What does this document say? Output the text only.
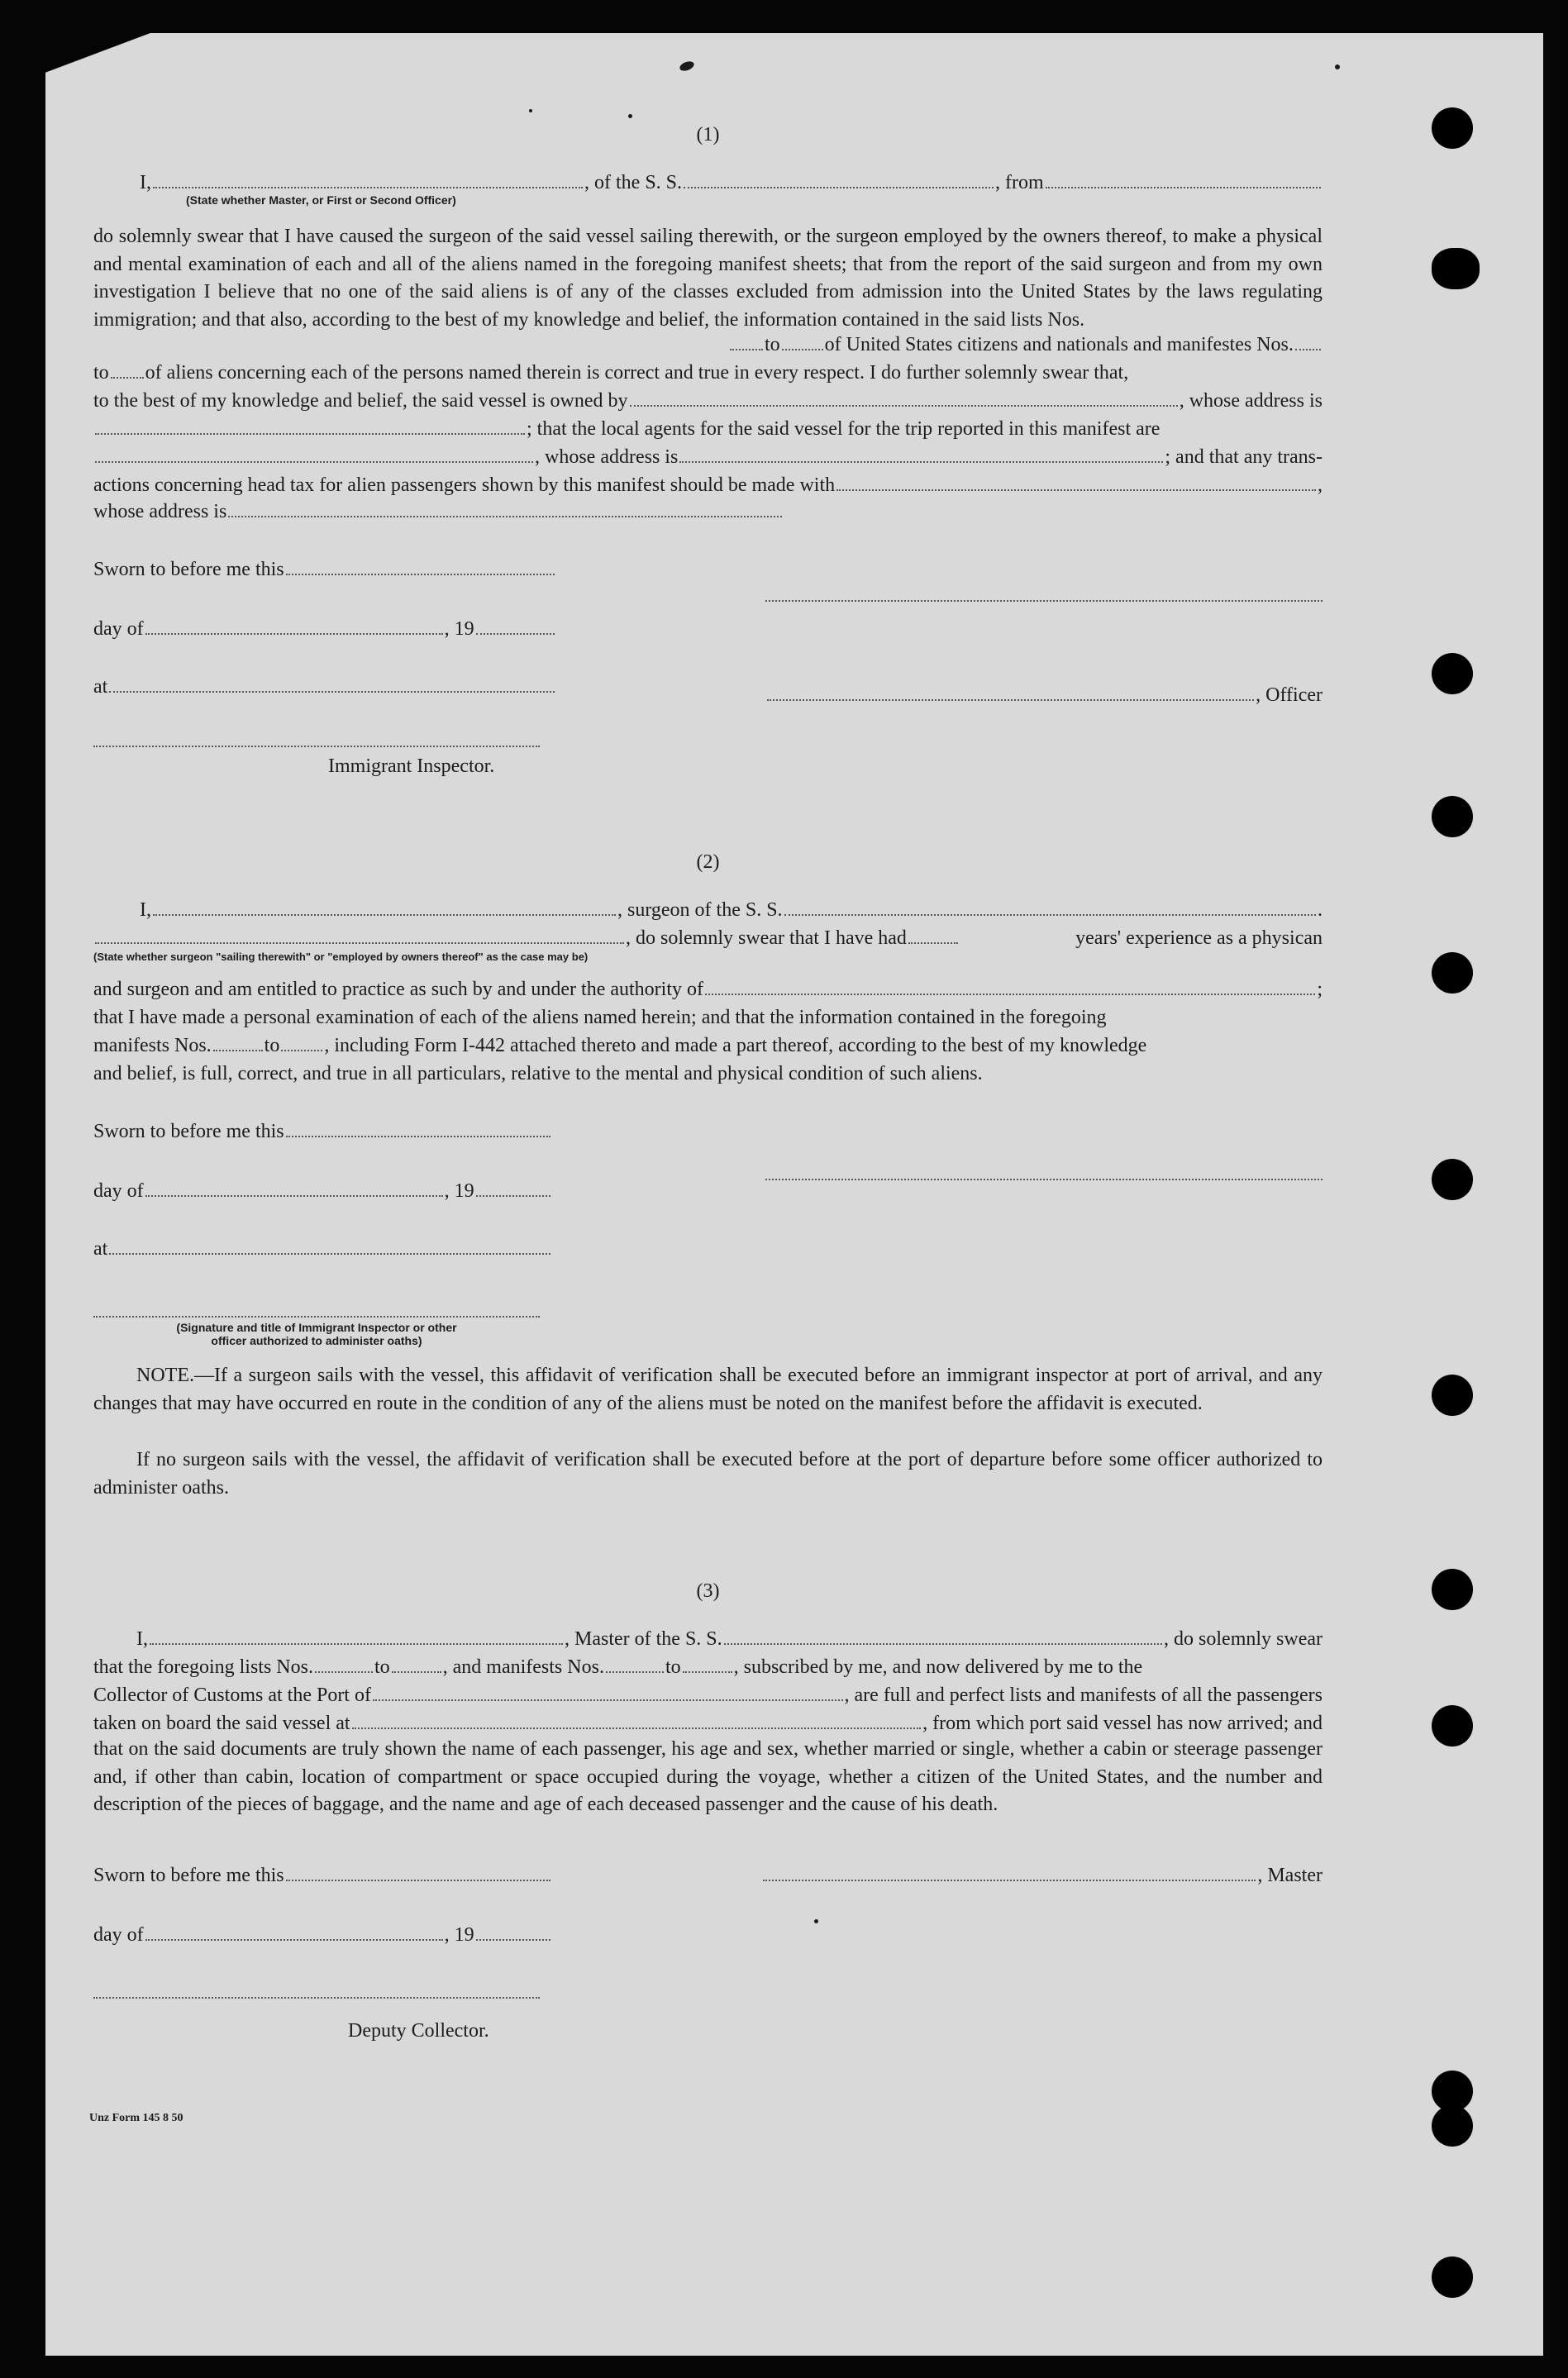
(1)
I,	, of the S. S.	, from
(State whether Master, or First or Second Officer)
do solemnly swear that I have caused the surgeon of the said vessel sailing therewith, or the surgeon employed by the owners thereof, to make a physical and mental examination of each and all of the aliens named in the foregoing manifest sheets; that from the report of the said surgeon and from my own investigation I believe that no one of the said aliens is of any of the classes excluded from admission into the United States by the laws regulating immigration; and that also, according to the best of my knowledge and belief, the information contained in the said lists Nos.
to of United States citizens and nationals and manifestes Nos.
to of aliens concerning each of the persons named therein is correct and true in every respect. I do further solemnly swear that,
to the best of my knowledge and belief, the said vessel is owned by	, whose address is
; that the local agents for the said vessel for the trip reported in this manifest are
, whose address is	; and that any trans-
actions concerning head tax for alien passengers shown by this manifest should be made with	,
whose address is
Sworn to before me this
day of	, 19
at
Immigrant Inspector.
, Officer
(2)
I,	, surgeon of the S. S.	.
, do solemnly swear that I have had	years' experience as a physican
(State whether surgeon "sailing therewith" or "employed by owners thereof" as the case may be)
and surgeon and am entitled to practice as such by and under the authority of	;
that I have made a personal examination of each of the aliens named herein; and that the information contained in the foregoing
manifests Nos.	to , including Form I-442 attached thereto and made a part thereof, according to the best of my knowledge
and belief, is full, correct, and true in all particulars, relative to the mental and physical condition of such aliens.
Sworn to before me this
day of	, 19
at
(Signature and title of Immigrant Inspector or other
officer authorized to administer oaths)
NOTE.—If a surgeon sails with the vessel, this affidavit of verification shall be executed before an immigrant inspector at port of arrival, and any changes that may have occurred en route in the condition of any of the aliens must be noted on the manifest before the affidavit is executed.
If no surgeon sails with the vessel, the affidavit of verification shall be executed before at the port of departure before some officer authorized to administer oaths.
(3)
I,	, Master of the S. S.	, do solemnly swear
that the foregoing lists Nos.	to	, and manifests Nos.	to	, subscribed by me, and now delivered by me to the
Collector of Customs at the Port of	, are full and perfect lists and manifests of all the passengers
taken on board the said vessel at	, from which port said vessel has now arrived; and
that on the said documents are truly shown the name of each passenger, his age and sex, whether married or single, whether a cabin or steerage passenger and, if other than cabin, location of compartment or space occupied during the voyage, whether a citizen of the United States, and the number and description of the pieces of baggage, and the name and age of each deceased passenger and the cause of his death.
Sworn to before me this	, Master
day of	, 19
Deputy Collector.
Unz Form 145 8 50
